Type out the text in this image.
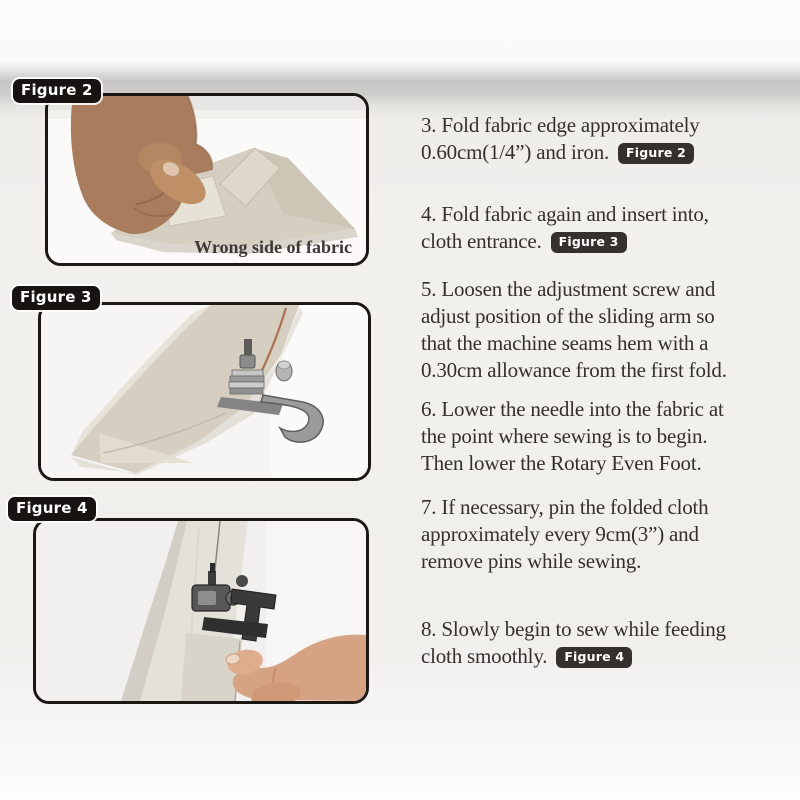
Figure 2
Wrong side of fabric
Figure 3
Figure 4
3. Fold fabric edge approximately
0.60cm(1/4”) and iron. Figure 2
4. Fold fabric again and insert into,
cloth entrance. Figure 3
5. Loosen the adjustment screw and
adjust position of the sliding arm so
that the machine seams hem with a
0.30cm allowance from the first fold.
6. Lower the needle into the fabric at
the point where sewing is to begin.
Then lower the Rotary Even Foot.
7. If necessary, pin the folded cloth
approximately every 9cm(3”) and
remove pins while sewing.
8. Slowly begin to sew while feeding
cloth smoothly. Figure 4
